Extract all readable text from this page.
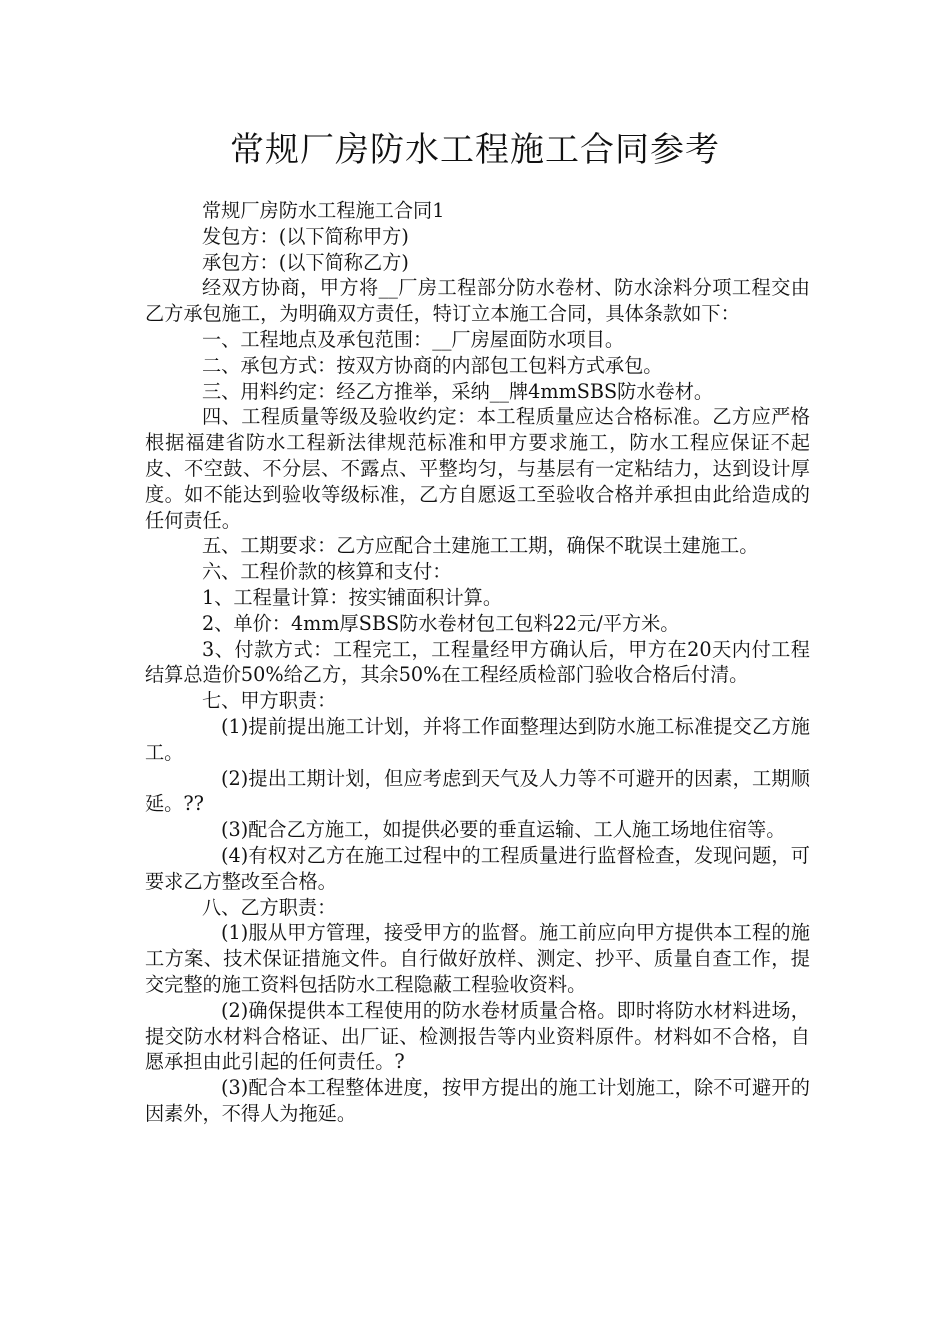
常规厂房防水工程施工合同参考

常规厂房防水工程施工合同1

发包方：(以下简称甲方)

承包方：(以下简称乙方)

经双方协商，甲方将__厂房工程部分防水卷材、防水涂料分项工程交由乙方承包施工，为明确双方责任，特订立本施工合同，具体条款如下：

一、工程地点及承包范围：__厂房屋面防水项目。

二、承包方式：按双方协商的内部包工包料方式承包。

三、用料约定：经乙方推举，采纳__牌4mmSBS防水卷材。

四、工程质量等级及验收约定：本工程质量应达合格标准。乙方应严格根据福建省防水工程新法律规范标准和甲方要求施工，防水工程应保证不起皮、不空鼓、不分层、不露点、平整均匀，与基层有一定粘结力，达到设计厚度。如不能达到验收等级标准，乙方自愿返工至验收合格并承担由此给造成的任何责任。

五、工期要求：乙方应配合土建施工工期，确保不耽误土建施工。

六、工程价款的核算和支付：

1、工程量计算：按实铺面积计算。

2、单价：4mm厚SBS防水卷材包工包料22元/平方米。

3、付款方式：工程完工，工程量经甲方确认后，甲方在20天内付工程结算总造价50%给乙方，其余50%在工程经质检部门验收合格后付清。

七、甲方职责：

(1)提前提出施工计划，并将工作面整理达到防水施工标准提交乙方施工。

(2)提出工期计划，但应考虑到天气及人力等不可避开的因素，工期顺延。??

(3)配合乙方施工，如提供必要的垂直运输、工人施工场地住宿等。

(4)有权对乙方在施工过程中的工程质量进行监督检查，发现问题，可要求乙方整改至合格。

八、乙方职责：

(1)服从甲方管理，接受甲方的监督。施工前应向甲方提供本工程的施工方案、技术保证措施文件。自行做好放样、测定、抄平、质量自查工作，提交完整的施工资料包括防水工程隐蔽工程验收资料。

(2)确保提供本工程使用的防水卷材质量合格。即时将防水材料进场，提交防水材料合格证、出厂证、检测报告等内业资料原件。材料如不合格，自愿承担由此引起的任何责任。?

(3)配合本工程整体进度，按甲方提出的施工计划施工，除不可避开的因素外，不得人为拖延。
